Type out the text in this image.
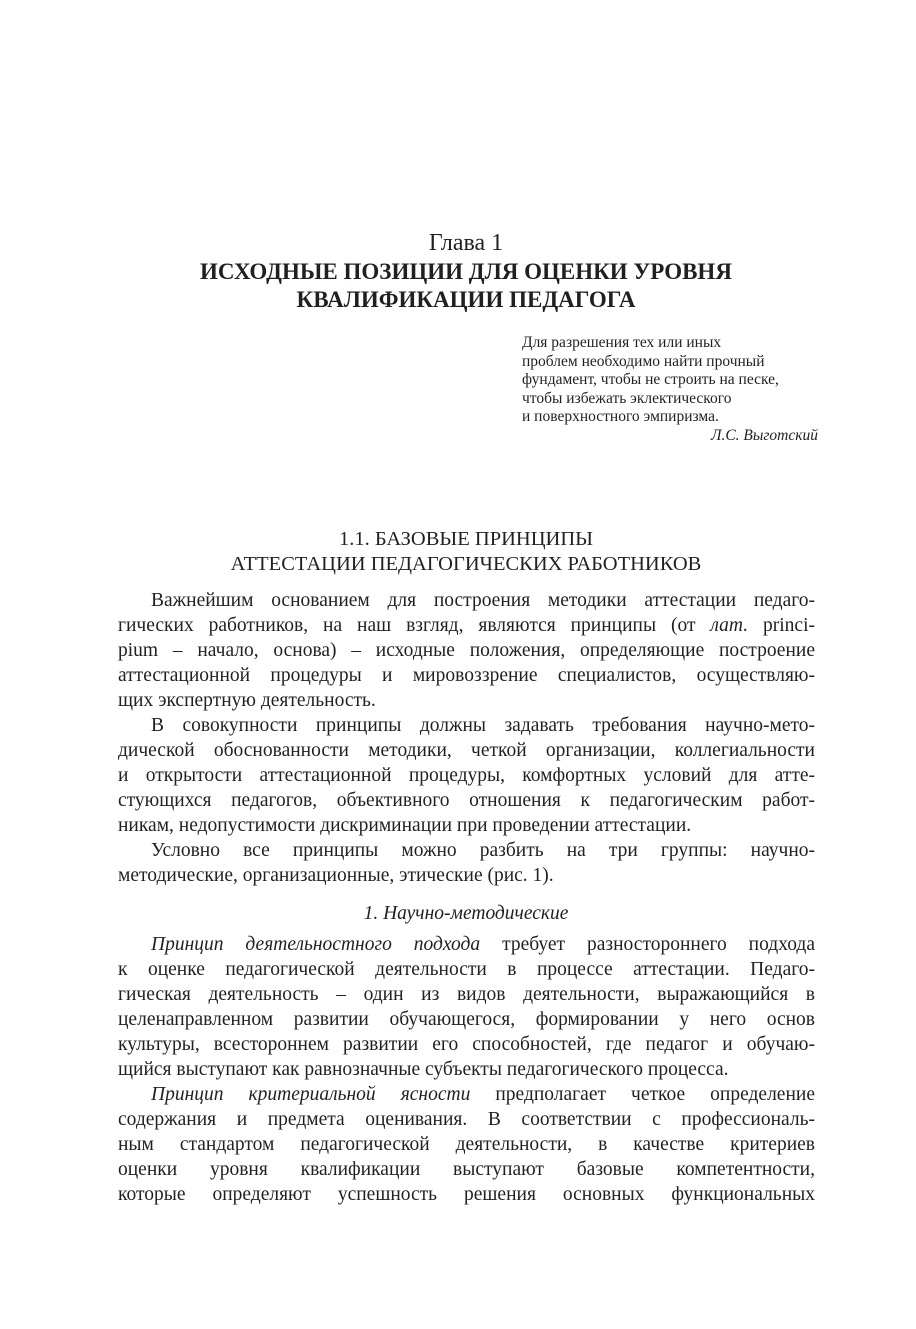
Глава 1
ИСХОДНЫЕ ПОЗИЦИИ ДЛЯ ОЦЕНКИ УРОВНЯ
КВАЛИФИКАЦИИ ПЕДАГОГА
Для разрешения тех или иных
проблем необходимо найти прочный
фундамент, чтобы не строить на песке,
чтобы избежать эклектического
и поверхностного эмпиризма.
Л.С. Выготский
1.1. БАЗОВЫЕ ПРИНЦИПЫ
АТТЕСТАЦИИ ПЕДАГОГИЧЕСКИХ РАБОТНИКОВ
Важнейшим основанием для построения методики аттестации педаго-
гических работников, на наш взгляд, являются принципы (от лат. princi-
pium – начало, основа) – исходные положения, определяющие построение
аттестационной процедуры и мировоззрение специалистов, осуществляю-
щих экспертную деятельность.
В совокупности принципы должны задавать требования научно-мето-
дической обоснованности методики, четкой организации, коллегиальности
и открытости аттестационной процедуры, комфортных условий для атте-
стующихся педагогов, объективного отношения к педагогическим работ-
никам, недопустимости дискриминации при проведении аттестации.
Условно все принципы можно разбить на три группы: научно-
методические, организационные, этические (рис. 1).
1. Научно-методические
Принцип деятельностного подхода требует разностороннего подхода
к оценке педагогической деятельности в процессе аттестации. Педаго-
гическая деятельность – один из видов деятельности, выражающийся в
целенаправленном развитии обучающегося, формировании у него основ
культуры, всестороннем развитии его способностей, где педагог и обучаю-
щийся выступают как равнозначные субъекты педагогического процесса.
Принцип критериальной ясности предполагает четкое определение
содержания и предмета оценивания. В соответствии с профессиональ-
ным стандартом педагогической деятельности, в качестве критериев
оценки уровня квалификации выступают базовые компетентности,
которые определяют успешность решения основных функциональных
